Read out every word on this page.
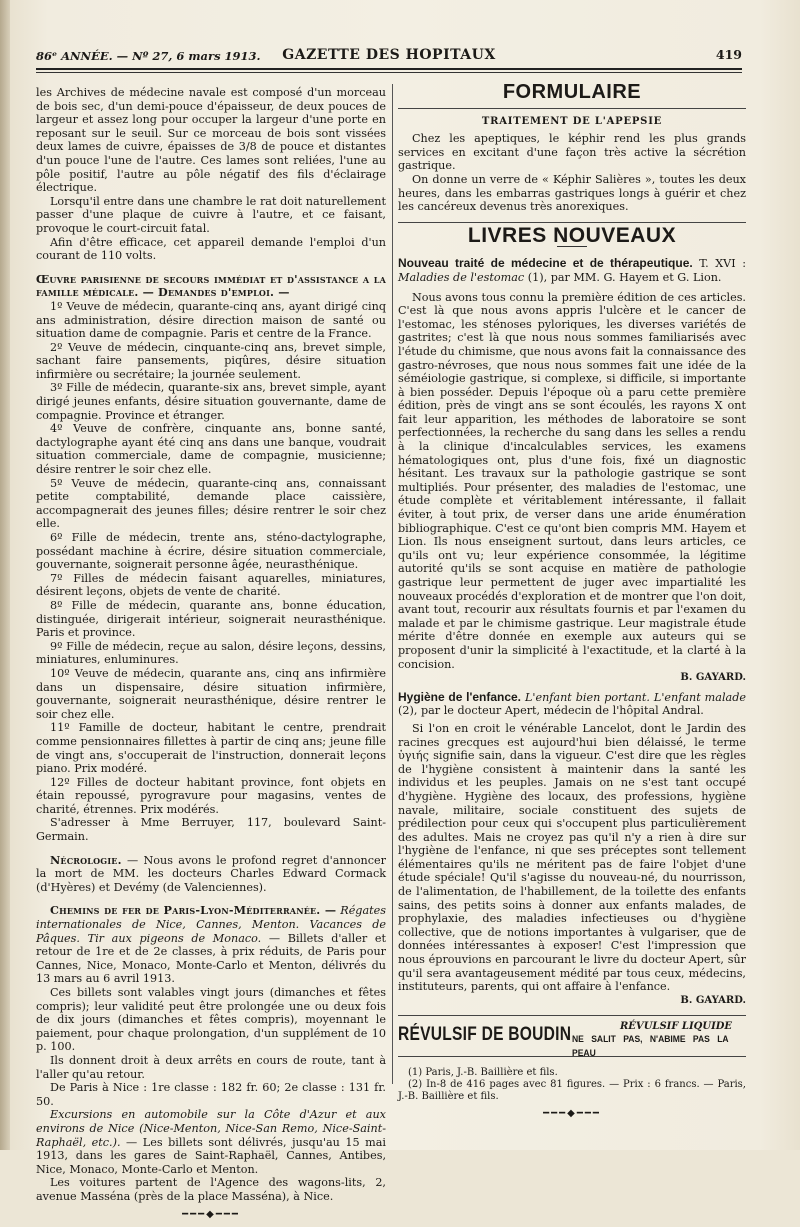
86ᵉ ANNÉE. — Nº 27, 6 mars 1913.	GAZETTE DES HOPITAUX	419

les Archives de médecine navale est composé d'un morceau de bois sec, d'un demi-pouce d'épaisseur, de deux pouces de largeur et assez long pour occuper la largeur d'une porte en reposant sur le seuil. Sur ce morceau de bois sont vissées deux lames de cuivre, épaisses de 3/8 de pouce et distantes d'un pouce l'une de l'autre. Ces lames sont reliées, l'une au pôle positif, l'autre au pôle négatif des fils d'éclairage électrique.

Lorsqu'il entre dans une chambre le rat doit naturellement passer d'une plaque de cuivre à l'autre, et ce faisant, provoque le court-circuit fatal.

Afin d'être efficace, cet appareil demande l'emploi d'un courant de 110 volts.

Œuvre parisienne de secours immédiat et d'assistance a la famille médicale. — Demandes d'emploi. —

1º Veuve de médecin, quarante-cinq ans, ayant dirigé cinq ans administration, désire direction maison de santé ou situation dame de compagnie. Paris et centre de la France.

2º Veuve de médecin, cinquante-cinq ans, brevet simple, sachant faire pansements, piqûres, désire situation infirmière ou secrétaire; la journée seulement.

3º Fille de médecin, quarante-six ans, brevet simple, ayant dirigé jeunes enfants, désire situation gouvernante, dame de compagnie. Province et étranger.

4º Veuve de confrère, cinquante ans, bonne santé, dactylographe ayant été cinq ans dans une banque, voudrait situation commerciale, dame de compagnie, musicienne; désire rentrer le soir chez elle.

5º Veuve de médecin, quarante-cinq ans, connaissant petite comptabilité, demande place caissière, accompagnerait des jeunes filles; désire rentrer le soir chez elle.

6º Fille de médecin, trente ans, sténo-dactylographe, possédant machine à écrire, désire situation commerciale, gouvernante, soignerait personne âgée, neurasthénique.

7º Filles de médecin faisant aquarelles, miniatures, désirent leçons, objets de vente de charité.

8º Fille de médecin, quarante ans, bonne éducation, distinguée, dirigerait intérieur, soignerait neurasthénique. Paris et province.

9º Fille de médecin, reçue au salon, désire leçons, dessins, miniatures, enluminures.

10º Veuve de médecin, quarante ans, cinq ans infirmière dans un dispensaire, désire situation infirmière, gouvernante, soignerait neurasthénique, désire rentrer le soir chez elle.

11º Famille de docteur, habitant le centre, prendrait comme pensionnaires fillettes à partir de cinq ans; jeune fille de vingt ans, s'occuperait de l'instruction, donnerait leçons piano. Prix modéré.

12º Filles de docteur habitant province, font objets en étain repoussé, pyrogravure pour magasins, ventes de charité, étrennes. Prix modérés.

S'adresser à Mme Berruyer, 117, boulevard Saint-Germain.

Nécrologie. — Nous avons le profond regret d'annoncer la mort de MM. les docteurs Charles Edward Cormack (d'Hyères) et Devémy (de Valenciennes).

Chemins de fer de Paris-Lyon-Méditerranée. — Régates internationales de Nice, Cannes, Menton. Vacances de Pâques. Tir aux pigeons de Monaco. — Billets d'aller et retour de 1re et de 2e classes, à prix réduits, de Paris pour Cannes, Nice, Monaco, Monte-Carlo et Menton, délivrés du 13 mars au 6 avril 1913.

Ces billets sont valables vingt jours (dimanches et fêtes compris); leur validité peut être prolongée une ou deux fois de dix jours (dimanches et fêtes compris), moyennant le paiement, pour chaque prolongation, d'un supplément de 10 p. 100.

Ils donnent droit à deux arrêts en cours de route, tant à l'aller qu'au retour.

De Paris à Nice : 1re classe : 182 fr. 60; 2e classe : 131 fr. 50.

Excursions en automobile sur la Côte d'Azur et aux environs de Nice (Nice-Menton, Nice-San Remo, Nice-Saint-Raphaël, etc.). — Les billets sont délivrés, jusqu'au 15 mai 1913, dans les gares de Saint-Raphaël, Cannes, Antibes, Nice, Monaco, Monte-Carlo et Menton.

Les voitures partent de l'Agence des wagons-lits, 2, avenue Masséna (près de la place Masséna), à Nice.

━━━◆━━━
FORMULAIRE
TRAITEMENT DE L'APEPSIE

Chez les apeptiques, le képhir rend les plus grands services en excitant d'une façon très active la sécrétion gastrique.

On donne un verre de « Képhir Salières », toutes les deux heures, dans les embarras gastriques longs à guérir et chez les cancéreux devenus très anorexiques.

LIVRES NOUVEAUX

Nouveau traité de médecine et de thérapeutique. T. XVI : Maladies de l'estomac (1), par MM. G. Hayem et G. Lion.

Nous avons tous connu la première édition de ces articles. C'est là que nous avons appris l'ulcère et le cancer de l'estomac, les sténoses pyloriques, les diverses variétés de gastrites; c'est là que nous nous sommes familiarisés avec l'étude du chimisme, que nous avons fait la connaissance des gastro-névroses, que nous nous sommes fait une idée de la séméiologie gastrique, si complexe, si difficile, si importante à bien posséder. Depuis l'époque où a paru cette première édition, près de vingt ans se sont écoulés, les rayons X ont fait leur apparition, les méthodes de laboratoire se sont perfectionnées, la recherche du sang dans les selles a rendu à la clinique d'incalculables services, les examens hématologiques ont, plus d'une fois, fixé un diagnostic hésitant. Les travaux sur la pathologie gastrique se sont multipliés. Pour présenter, des maladies de l'estomac, une étude complète et véritablement intéressante, il fallait éviter, à tout prix, de verser dans une aride énumération bibliographique. C'est ce qu'ont bien compris MM. Hayem et Lion. Ils nous enseignent surtout, dans leurs articles, ce qu'ils ont vu; leur expérience consommée, la légitime autorité qu'ils se sont acquise en matière de pathologie gastrique leur permettent de juger avec impartialité les nouveaux procédés d'exploration et de montrer que l'on doit, avant tout, recourir aux résultats fournis et par l'examen du malade et par le chimisme gastrique. Leur magistrale étude mérite d'être donnée en exemple aux auteurs qui se proposent d'unir la simplicité à l'exactitude, et la clarté à la concision.

B. GAYARD.

Hygiène de l'enfance. L'enfant bien portant. L'enfant malade (2), par le docteur Apert, médecin de l'hôpital Andral.

Si l'on en croit le vénérable Lancelot, dont le Jardin des racines grecques est aujourd'hui bien délaissé, le terme ὑγιής signifie sain, dans la vigueur. C'est dire que les règles de l'hygiène consistent à maintenir dans la santé les individus et les peuples. Jamais on ne s'est tant occupé d'hygiène. Hygiène des locaux, des professions, hygiène navale, militaire, sociale constituent des sujets de prédilection pour ceux qui s'occupent plus particulièrement des adultes. Mais ne croyez pas qu'il n'y a rien à dire sur l'hygiène de l'enfance, ni que ses préceptes sont tellement élémentaires qu'ils ne méritent pas de faire l'objet d'une étude spéciale! Qu'il s'agisse du nouveau-né, du nourrisson, de l'alimentation, de l'habillement, de la toilette des enfants sains, des petits soins à donner aux enfants malades, de prophylaxie, des maladies infectieuses ou d'hygiène collective, que de notions importantes à vulgariser, que de données intéressantes à exposer! C'est l'impression que nous éprouvions en parcourant le livre du docteur Apert, sûr qu'il sera avantageusement médité par tous ceux, médecins, instituteurs, parents, qui ont affaire à l'enfance.

B. GAYARD.
RÉVULSIF DE BOUDIN	RÉVULSIF LIQUIDE
NE SALIT PAS, N'ABIME PAS LA PEAU

(1) Paris, J.-B. Baillière et fils.

(2) In-8 de 416 pages avec 81 figures. — Prix : 6 francs. — Paris, J.-B. Baillière et fils.

━━━◆━━━
